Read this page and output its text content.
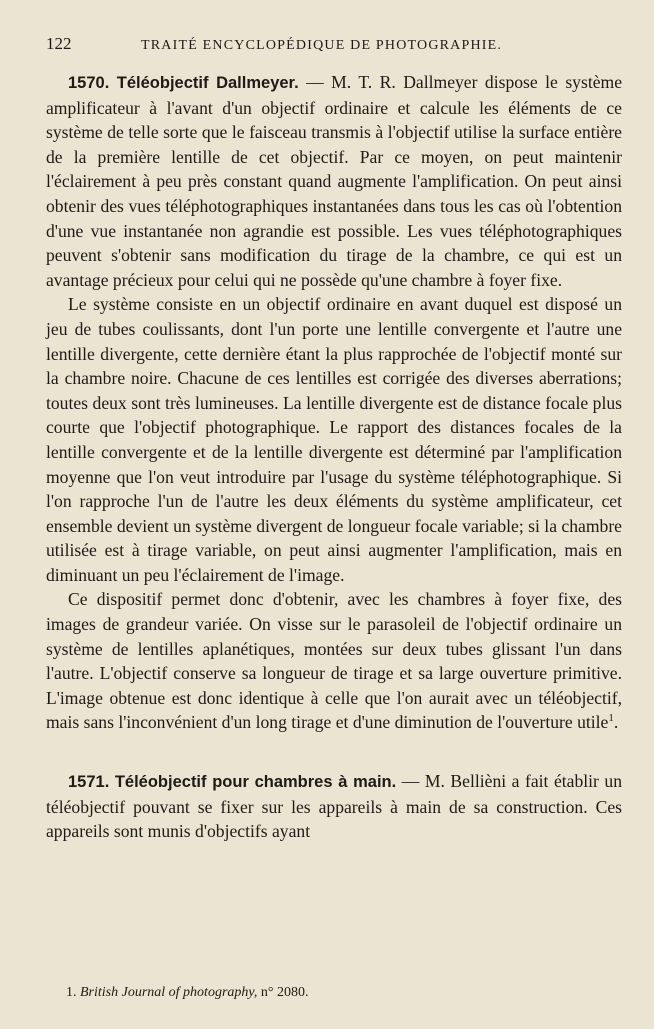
122	TRAITÉ ENCYCLOPÉDIQUE DE PHOTOGRAPHIE.

1570. Téléobjectif Dallmeyer. — M. T. R. Dallmeyer dispose le système amplificateur à l'avant d'un objectif ordinaire et calcule les éléments de ce système de telle sorte que le faisceau transmis à l'objectif utilise la surface entière de la première lentille de cet objectif. Par ce moyen, on peut maintenir l'éclairement à peu près constant quand augmente l'amplification. On peut ainsi obtenir des vues téléphotographiques instantanées dans tous les cas où l'obtention d'une vue instantanée non agrandie est possible. Les vues téléphotographiques peuvent s'obtenir sans modification du tirage de la chambre, ce qui est un avantage précieux pour celui qui ne possède qu'une chambre à foyer fixe.

Le système consiste en un objectif ordinaire en avant duquel est disposé un jeu de tubes coulissants, dont l'un porte une lentille convergente et l'autre une lentille divergente, cette dernière étant la plus rapprochée de l'objectif monté sur la chambre noire. Chacune de ces lentilles est corrigée des diverses aberrations; toutes deux sont très lumineuses. La lentille divergente est de distance focale plus courte que l'objectif photographique. Le rapport des distances focales de la lentille convergente et de la lentille divergente est déterminé par l'amplification moyenne que l'on veut introduire par l'usage du système téléphotographique. Si l'on rapproche l'un de l'autre les deux éléments du système amplificateur, cet ensemble devient un système divergent de longueur focale variable; si la chambre utilisée est à tirage variable, on peut ainsi augmenter l'amplification, mais en diminuant un peu l'éclairement de l'image.

Ce dispositif permet donc d'obtenir, avec les chambres à foyer fixe, des images de grandeur variée. On visse sur le parasoleil de l'objectif ordinaire un système de lentilles aplanétiques, montées sur deux tubes glissant l'un dans l'autre. L'objectif conserve sa longueur de tirage et sa large ouverture primitive. L'image obtenue est donc identique à celle que l'on aurait avec un téléobjectif, mais sans l'inconvénient d'un long tirage et d'une diminution de l'ouverture utile$^1$.

1571. Téléobjectif pour chambres à main. — M. Bellièni a fait établir un téléobjectif pouvant se fixer sur les appareils à main de sa construction. Ces appareils sont munis d'objectifs ayant

1. British Journal of photography, n° 2080.
